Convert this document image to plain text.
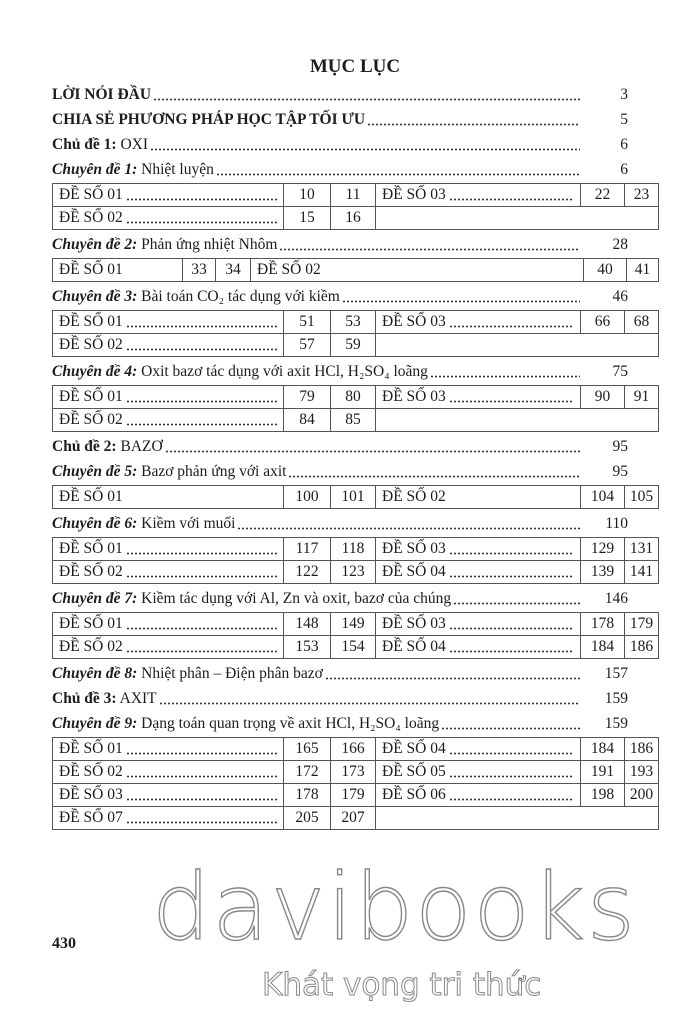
MỤC LỤC
LỜI NÓI ĐẦU	3
CHIA SẺ PHƯƠNG PHÁP HỌC TẬP TỐI ƯU	5
Chủ đề 1: OXI	6
Chuyên đề 1: Nhiệt luyện	6
ĐỀ SỐ 01	10	11	ĐỀ SỐ 03	22	23

ĐỀ SỐ 02	15	16			
Chuyên đề 2: Phản ứng nhiệt Nhôm	28
ĐỀ SỐ 01	33	34	ĐỀ SỐ 02	40	41
Chuyên đề 3: Bài toán CO₂ tác dụng với kiềm	46
ĐỀ SỐ 01	51	53	ĐỀ SỐ 03	66	68

ĐỀ SỐ 02	57	59			
Chuyên đề 4: Oxit bazơ tác dụng với axit HCl, H₂SO₄ loãng	75
ĐỀ SỐ 01	79	80	ĐỀ SỐ 03	90	91

ĐỀ SỐ 02	84	85			
Chủ đề 2: BAZƠ	95
Chuyên đề 5: Bazơ phản ứng với axit	95
ĐỀ SỐ 01	100	101	ĐỀ SỐ 02	104	105
Chuyên đề 6: Kiềm với muối	110
ĐỀ SỐ 01	117	118	ĐỀ SỐ 03	129	131

ĐỀ SỐ 02	122	123	ĐỀ SỐ 04	139	141
Chuyên đề 7: Kiềm tác dụng với Al, Zn và oxit, bazơ của chúng	146
ĐỀ SỐ 01	148	149	ĐỀ SỐ 03	178	179

ĐỀ SỐ 02	153	154	ĐỀ SỐ 04	184	186
Chuyên đề 8: Nhiệt phân – Điện phân bazơ	157
Chủ đề 3: AXIT	159
Chuyên đề 9: Dạng toán quan trọng về axit HCl, H₂SO₄ loãng	159
ĐỀ SỐ 01	165	166	ĐỀ SỐ 04	184	186

ĐỀ SỐ 02	172	173	ĐỀ SỐ 05	191	193

ĐỀ SỐ 03	178	179	ĐỀ SỐ 06	198	200

ĐỀ SỐ 07	205	207			
430 davibooks
Khát vọng tri thức
